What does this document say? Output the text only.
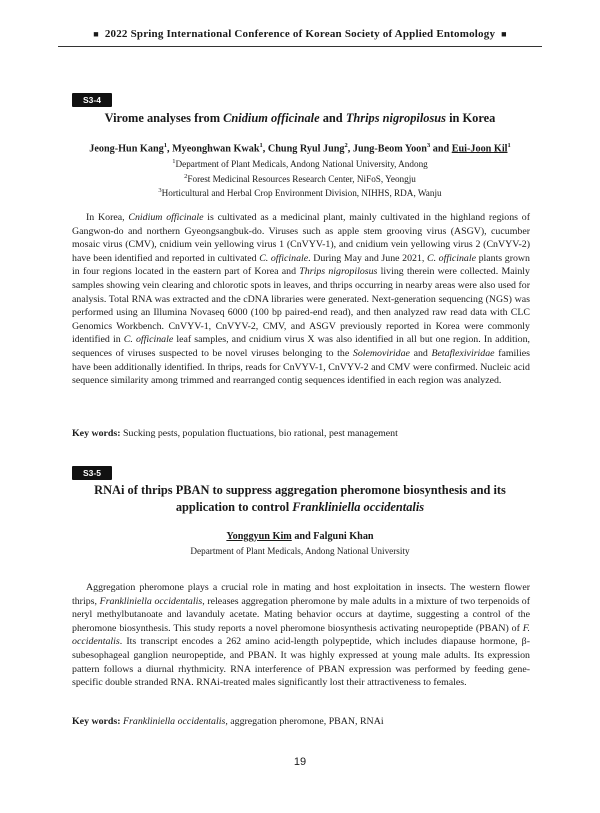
■ 2022 Spring International Conference of Korean Society of Applied Entomology ■
S3-4
Virome analyses from Cnidium officinale and Thrips nigropilosus in Korea
Jeong-Hun Kang$^1$, Myeonghwan Kwak$^1$, Chung Ryul Jung$^2$, Jung-Beom Yoon$^3$ and Eui-Joon Kil$^1$
$^1$Department of Plant Medicals, Andong National University, Andong
$^2$Forest Medicinal Resources Research Center, NiFoS, Yeongju
$^3$Horticultural and Herbal Crop Environment Division, NIHHS, RDA, Wanju

In Korea, Cnidium officinale is cultivated as a medicinal plant, mainly cultivated in the highland regions of Gangwon-do and northern Gyeongsangbuk-do. Viruses such as apple stem grooving virus (ASGV), cucumber mosaic virus (CMV), cnidium vein yellowing virus 1 (CnVYV-1), and cnidium vein yellowing virus 2 (CnVYV-2) have been identified and reported in cultivated C. officinale. During May and June 2021, C. officinale plants grown in four regions located in the eastern part of Korea and Thrips nigropilosus living therein were collected. Mainly samples showing vein clearing and chlorotic spots in leaves, and thrips occurring in nearby areas were also used for analysis. Total RNA was extracted and the cDNA libraries were generated. Next-generation sequencing (NGS) was performed using an Illumina Novaseq 6000 (100 bp paired-end read), and then analyzed raw read data with CLC Genomics Workbench. CnVYV-1, CnVYV-2, CMV, and ASGV previously reported in Korea were commonly identified in C. officinale leaf samples, and cnidium virus X was also identified in all but one region. In addition, sequences of viruses suspected to be novel viruses belonging to the Solemoviridae and Betaflexiviridae families have been additionally identified. In thrips, reads for CnVYV-1, CnVYV-2 and CMV were confirmed. Nucleic acid sequence similarity among trimmed and rearranged contig sequences identified in each region was analyzed.

Key words: Sucking pests, population fluctuations, bio rational, pest management
S3-5
RNAi of thrips PBAN to suppress aggregation pheromone biosynthesis and its
application to control Frankliniella occidentalis
Yonggyun Kim and Falguni Khan
Department of Plant Medicals, Andong National University

Aggregation pheromone plays a crucial role in mating and host exploitation in insects. The western flower thrips, Frankliniella occidentalis, releases aggregation pheromone by male adults in a mixture of two terpenoids of neryl methylbutanoate and lavanduly acetate. Mating behavior occurs at daytime, suggesting a control of the pheromone biosynthesis. This study reports a novel pheromone biosynthesis activating neuropeptide (PBAN) of F. occidentalis. Its transcript encodes a 262 amino acid-length polypeptide, which includes diapause hormone, β-subesophageal ganglion neuropeptide, and PBAN. It was highly expressed at young male adults. Its expression pattern follows a diurnal rhythmicity. RNA interference of PBAN expression was performed by feeding gene-specific double stranded RNA. RNAi-treated males significantly lost their attractiveness to females.

Key words: Frankliniella occidentalis, aggregation pheromone, PBAN, RNAi
19
